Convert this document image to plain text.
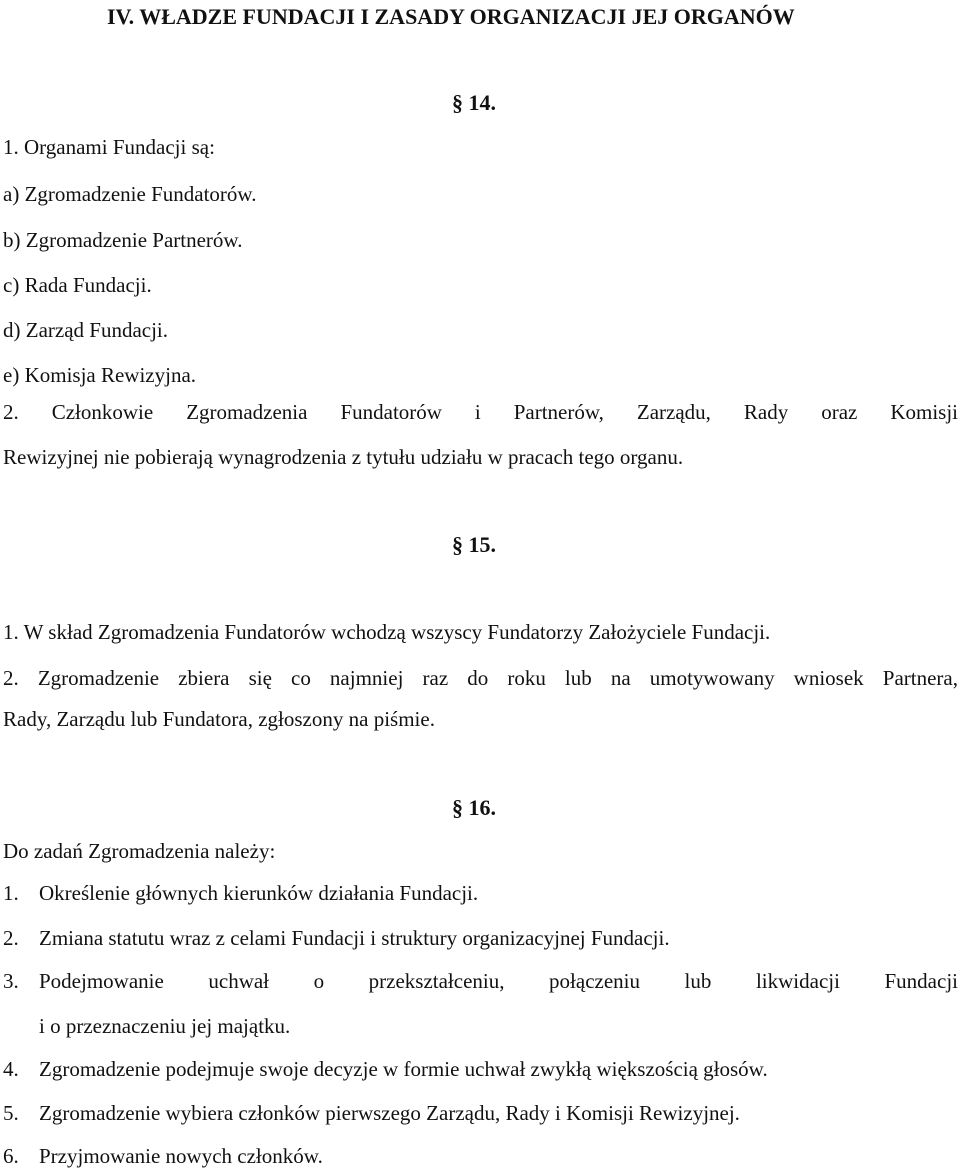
IV. WŁADZE FUNDACJI I ZASADY ORGANIZACJI JEJ ORGANÓW
§ 14.
1. Organami Fundacji są:
a) Zgromadzenie Fundatorów.
b) Zgromadzenie Partnerów.
c) Rada Fundacji.
d) Zarząd Fundacji.
e) Komisja Rewizyjna.
2. Członkowie Zgromadzenia Fundatorów i Partnerów, Zarządu, Rady oraz Komisji
Rewizyjnej nie pobierają wynagrodzenia z tytułu udziału w pracach tego organu.
§ 15.
1. W skład Zgromadzenia Fundatorów wchodzą wszyscy Fundatorzy Założyciele Fundacji.
2. Zgromadzenie zbiera się co najmniej raz do roku lub na umotywowany wniosek Partnera,
Rady, Zarządu lub Fundatora, zgłoszony na piśmie.
§ 16.
Do zadań Zgromadzenia należy:
1. Określenie głównych kierunków działania Fundacji.
2. Zmiana statutu wraz z celami Fundacji i struktury organizacyjnej Fundacji.
3. Podejmowanie uchwał o przekształceniu, połączeniu lub likwidacji Fundacji
i o przeznaczeniu jej majątku.
4. Zgromadzenie podejmuje swoje decyzje w formie uchwał zwykłą większością głosów.
5. Zgromadzenie wybiera członków pierwszego Zarządu, Rady i Komisji Rewizyjnej.
6. Przyjmowanie nowych członków.
